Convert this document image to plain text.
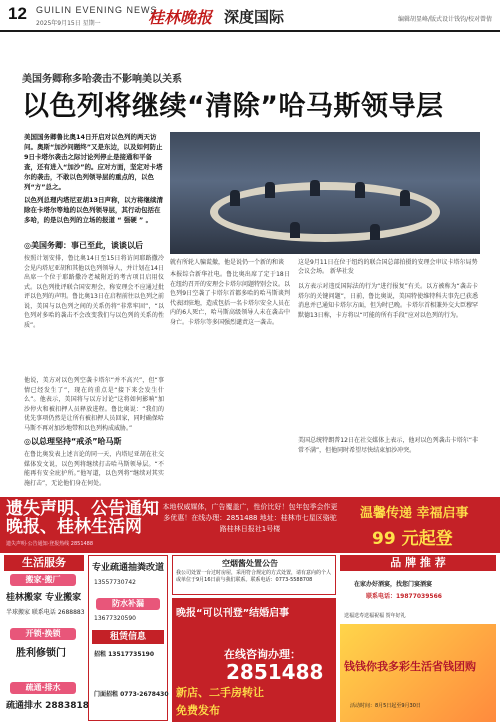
12 GUILIN EVENING NEWS
2025年9月15日 星期一	桂林晚报 深度国际	编辑胡显峰/版式设计钱钧/校对曾倩
美国务卿称多哈袭击不影响美以关系
以色列将继续“清除”哈马斯领导层

美国国务卿鲁比奥14日开启对以色列的两天访问。奥斯“加沙问题终”又是东边，以及如何防止9日卡塔尔袭击之际讨论列停止是接通和平备查，还有进入“加沙”的。应对方面，坚定对卡塔尔的袭击，不敢以色列领导层的重点的，以色列“方”总之。

以色列总理内塔尼亚胡13日声称，以方将继续清除在卡塔尔等地的以色列领导层，其行动包括在多哈，的是以色列的立场的报道 “ 强硬 ” 。

这是9月11日在位于纽约的联合国总部拍摄的安理会审议卡塔尔局势会议会场。 新华社发
◎美国务卿：事已至此，谈谈以后
按照计划安排，鲁比奥14日至15日将访问耶路撒冷会见内塔尼亚胡和其他以色列领导人，并计划在14日出席一个位于耶路撒冷老城附近的考古项目启用仪式。以色列批评联合国安理会，称安理会不应通过批评以色列的声明。鲁比奥13日在启程前往以色列之前说，美国与以色列之间的关系仍将“非常牢固”，“以色列对多哈的袭击不会改变我们与以色列的关系的性质”。
他说，美方对以色列空袭卡塔尔“并不高兴”，但“事情已经发生了”，现在的重点是“接下来会发生什么”。他表示，美国将与以方讨论“这将如何影响”加沙停火和被扣押人员释放进程。鲁比奥说：“我们的优先事项仍然是让所有被扣押人员回家，同时确保哈马斯不再对加沙地带和以色列构成威胁。”
◎以总理坚持“戒杀”哈马斯
在鲁比奥发表上述言论的同一天，内塔尼亚胡在社交媒体发文说，以色列将继续打击哈马斯领导层。“不能再有安全庇护所。”他写道，以色列将“继续对其实施打击”，无论他们身在何处。
就有所轮人骗谎撤，他是说仍一个新的和谈
本报综合新华社电。鲁比奥出席了定于18日在纽约召开的安理会卡塔尔问题特别会议。以色列9日空袭了卡塔尔首都多哈的哈马斯谈判代表团驻地，造成包括一名卡塔尔安全人员在内的6人死亡，哈马斯高级领导人未在袭击中身亡。卡塔尔等多国强烈谴责这一袭击。
以方表示对违反国际法的行为“进行报复”有关。以方被称为“袭击卡塔尔的关键问题”，日前，鲁比奥说，美国特使维特科夫事先已获悉消息并已通知卡塔尔方面，但为时已晚。卡塔尔首相兼外交大臣穆罕默德13日称，卡方将以“可能的所有手段”应对以色列的行为。
美国总统特朗普12日在社交媒体上表示，他对以色列袭击卡塔尔“非常不满”，但他同时希望尽快结束加沙冲突。
遗失声明、公告通知
晚报、桂林生活网
遗失声明·公告通知·登报热线 2851488
本地权威媒体，广告覆盖广，性价比好！包年包季会作更多优惠！在线办理：2851488 地址：桂林市七星区骆驼路桂林日报社1号楼
温馨传递 幸福启事
99 元起登
生活服务
搬家·搬厂
桂林搬家 专业搬家
半球搬家 联系电话 2688883
开锁·换锁
胜利修锁门
疏通·排水
疏通排水 2883818
专业疏通抽粪改道
13557730742
防水补漏
13677320590
租赁信息
招租 13517735190
门面招租 0773-2678430
空烟酱处置公告
我公司处置一台过时房屋，采用符合规定的方式处置，请有意向的个人或单位于9月16日前与我们联系。联系电话：0773-5588708
晚报“可以刊登”结婚启事
在线咨询办理：
2851488
新店、二手房转让
免费发布
品 牌 推 荐
在家办好酒宴，找您门宴酒宴
联系电话：19877039566
送福送寿送福祝福 贺年好礼
钱钱你我多彩生活省钱团购
活动时间：8月5日起至9月30日
